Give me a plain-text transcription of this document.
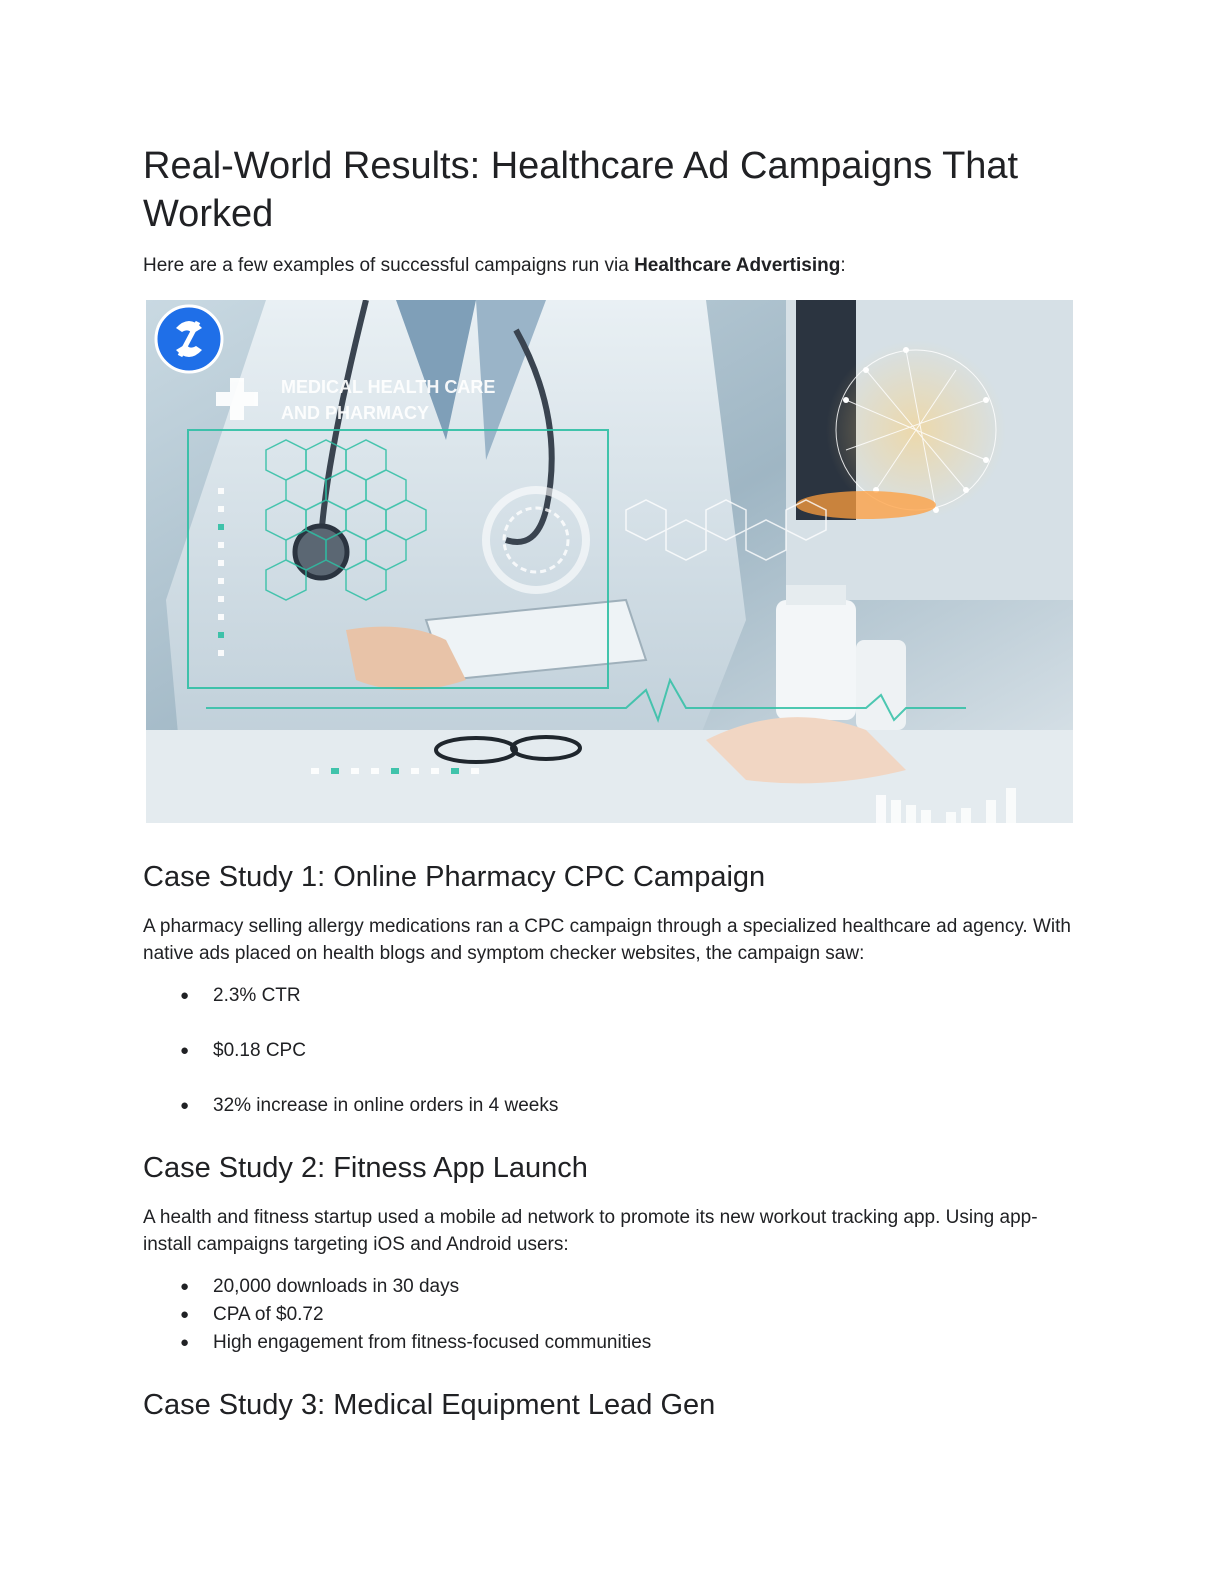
Real-World Results: Healthcare Ad Campaigns That Worked

Here are a few examples of successful campaigns run via Healthcare Advertising:

MEDICAL HEALTH CARE
AND PHARMACY
Case Study 1: Online Pharmacy CPC Campaign

A pharmacy selling allergy medications ran a CPC campaign through a specialized healthcare ad agency. With native ads placed on health blogs and symptom checker websites, the campaign saw:

● 2.3% CTR
● $0.18 CPC
● 32% increase in online orders in 4 weeks
Case Study 2: Fitness App Launch

A health and fitness startup used a mobile ad network to promote its new workout tracking app. Using app-install campaigns targeting iOS and Android users:

● 20,000 downloads in 30 days
● CPA of $0.72
● High engagement from fitness-focused communities
Case Study 3: Medical Equipment Lead Gen
